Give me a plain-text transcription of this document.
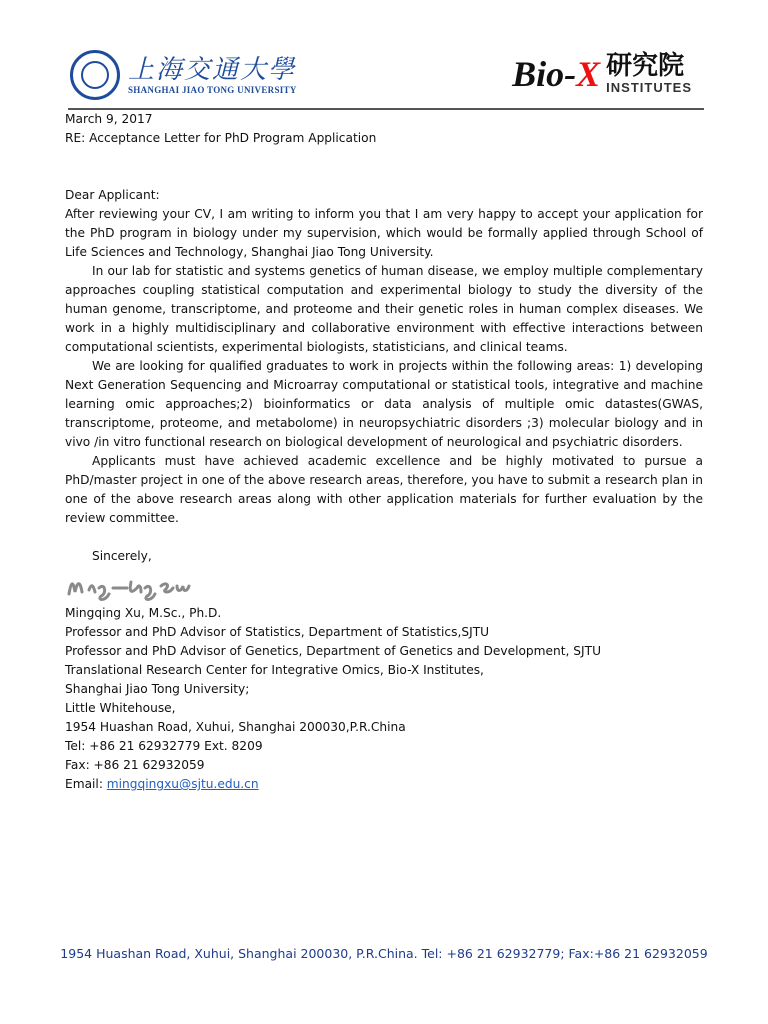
上海交通大學
SHANGHAI JIAO TONG UNIVERSITY	Bio-X 研究院
INSTITUTES

March 9, 2017

RE: Acceptance Letter for PhD Program Application

Dear Applicant:

After reviewing your CV, I am writing to inform you that I am very happy to accept your application for the PhD program in biology under my supervision, which would be formally applied through School of Life Sciences and Technology, Shanghai Jiao Tong University.

In our lab for statistic and systems genetics of human disease, we employ multiple complementary approaches coupling statistical computation and experimental biology to study the diversity of the human genome, transcriptome, and proteome and their genetic roles in human complex diseases. We work in a highly multidisciplinary and collaborative environment with effective interactions between computational scientists, experimental biologists, statisticians, and clinical teams.

We are looking for qualified graduates to work in projects within the following areas: 1) developing Next Generation Sequencing and Microarray computational or statistical tools, integrative and machine learning omic approaches;2) bioinformatics or data analysis of multiple omic datastes(GWAS, transcriptome, proteome, and metabolome) in neuropsychiatric disorders ;3) molecular biology and in vivo /in vitro functional research on biological development of neurological and psychiatric disorders.

Applicants must have achieved academic excellence and be highly motivated to pursue a PhD/master project in one of the above research areas, therefore, you have to submit a research plan in one of the above research areas along with other application materials for further evaluation by the review committee.

Sincerely,

Mingqing Xu, M.Sc., Ph.D.

Professor and PhD Advisor of Statistics, Department of Statistics,SJTU

Professor and PhD Advisor of Genetics, Department of Genetics and Development, SJTU

Translational Research Center for Integrative Omics, Bio-X Institutes,

Shanghai Jiao Tong University;

Little Whitehouse,

1954 Huashan Road, Xuhui, Shanghai 200030,P.R.China

Tel: +86 21 62932779 Ext. 8209

Fax: +86 21 62932059

Email: mingqingxu@sjtu.edu.cn

1954 Huashan Road, Xuhui, Shanghai 200030, P.R.China. Tel: +86 21 62932779; Fax:+86 21 62932059
